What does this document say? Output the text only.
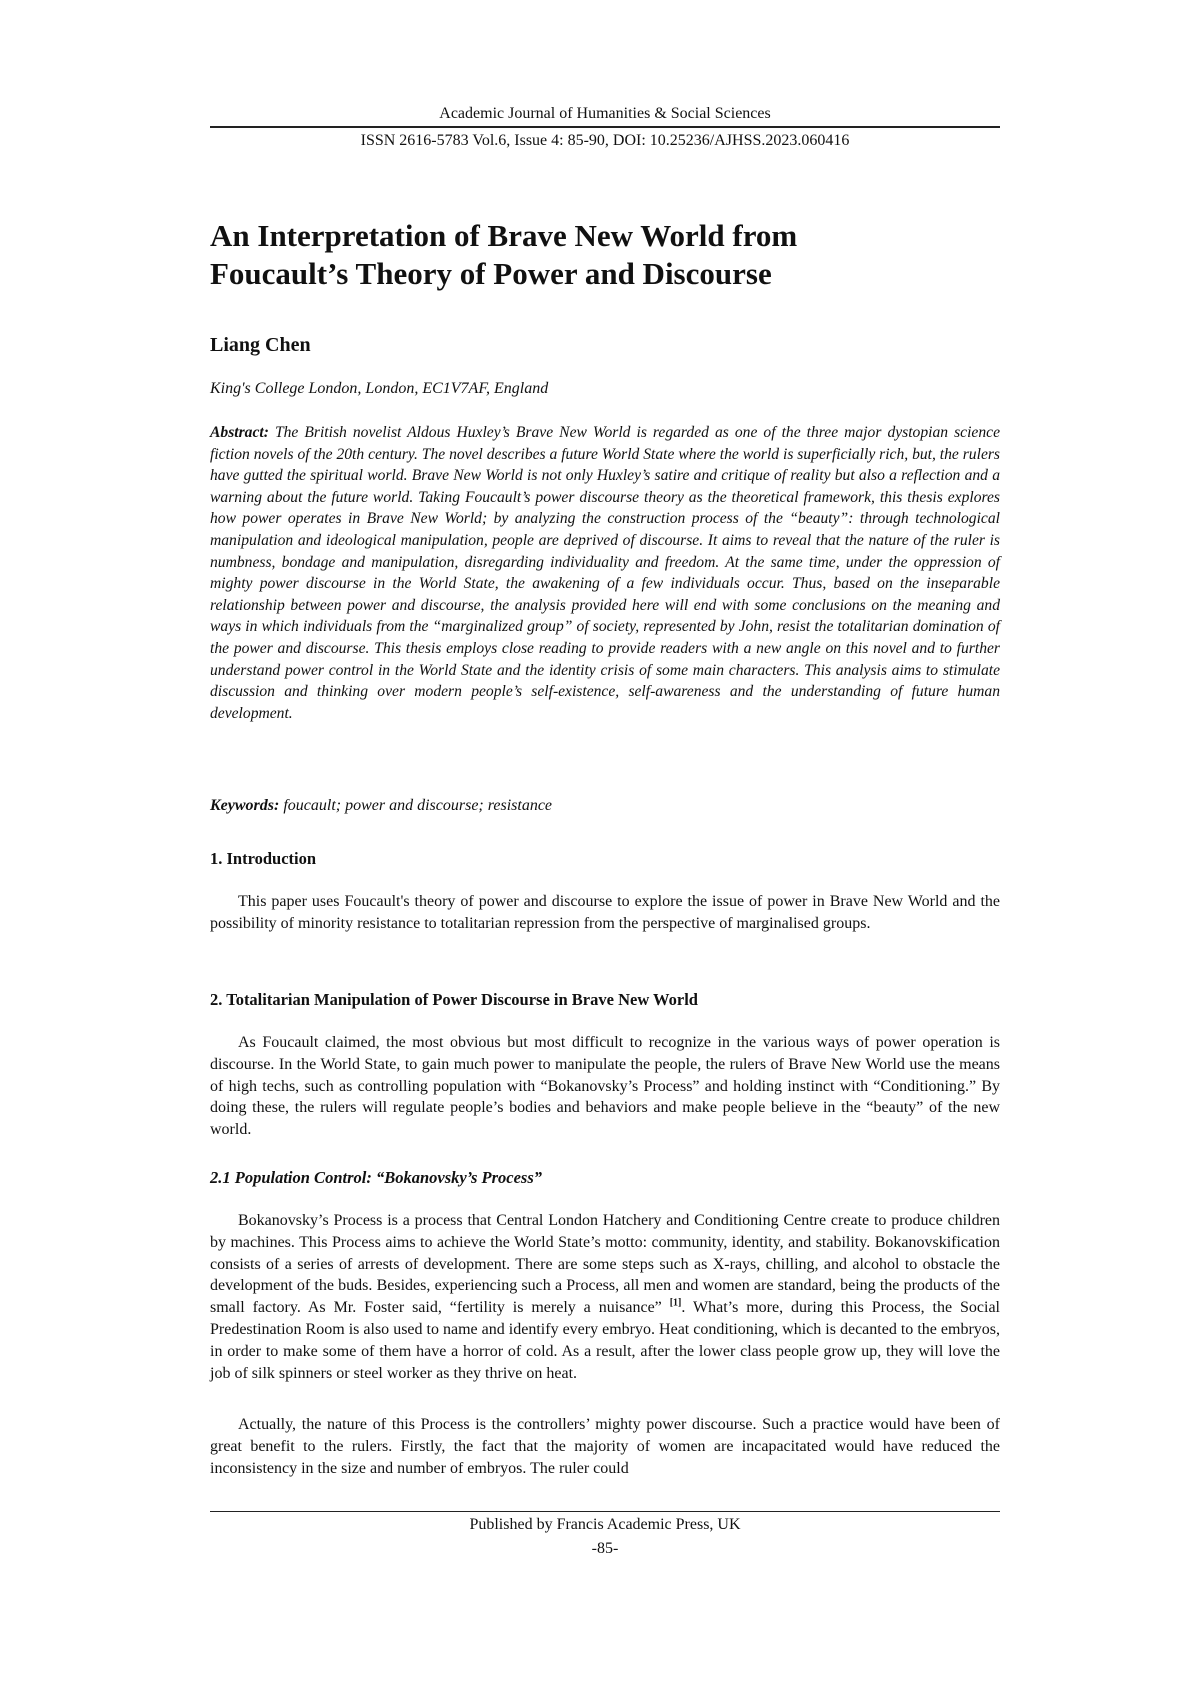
Academic Journal of Humanities & Social Sciences
ISSN 2616-5783 Vol.6, Issue 4: 85-90, DOI: 10.25236/AJHSS.2023.060416
An Interpretation of Brave New World from
Foucault’s Theory of Power and Discourse
Liang Chen
King's College London, London, EC1V7AF, England

Abstract: The British novelist Aldous Huxley’s Brave New World is regarded as one of the three major dystopian science fiction novels of the 20th century. The novel describes a future World State where the world is superficially rich, but, the rulers have gutted the spiritual world. Brave New World is not only Huxley’s satire and critique of reality but also a reflection and a warning about the future world. Taking Foucault’s power discourse theory as the theoretical framework, this thesis explores how power operates in Brave New World; by analyzing the construction process of the “beauty”: through technological manipulation and ideological manipulation, people are deprived of discourse. It aims to reveal that the nature of the ruler is numbness, bondage and manipulation, disregarding individuality and freedom. At the same time, under the oppression of mighty power discourse in the World State, the awakening of a few individuals occur. Thus, based on the inseparable relationship between power and discourse, the analysis provided here will end with some conclusions on the meaning and ways in which individuals from the “marginalized group” of society, represented by John, resist the totalitarian domination of the power and discourse. This thesis employs close reading to provide readers with a new angle on this novel and to further understand power control in the World State and the identity crisis of some main characters. This analysis aims to stimulate discussion and thinking over modern people’s self-existence, self-awareness and the understanding of future human development.

Keywords: foucault; power and discourse; resistance

1. Introduction

This paper uses Foucault's theory of power and discourse to explore the issue of power in Brave New World and the possibility of minority resistance to totalitarian repression from the perspective of marginalised groups.

2. Totalitarian Manipulation of Power Discourse in Brave New World

As Foucault claimed, the most obvious but most difficult to recognize in the various ways of power operation is discourse. In the World State, to gain much power to manipulate the people, the rulers of Brave New World use the means of high techs, such as controlling population with “Bokanovsky’s Process” and holding instinct with “Conditioning.” By doing these, the rulers will regulate people’s bodies and behaviors and make people believe in the “beauty” of the new world.

2.1 Population Control: “Bokanovsky’s Process”

Bokanovsky’s Process is a process that Central London Hatchery and Conditioning Centre create to produce children by machines. This Process aims to achieve the World State’s motto: community, identity, and stability. Bokanovskification consists of a series of arrests of development. There are some steps such as X-rays, chilling, and alcohol to obstacle the development of the buds. Besides, experiencing such a Process, all men and women are standard, being the products of the small factory. As Mr. Foster said, “fertility is merely a nuisance” [1]. What’s more, during this Process, the Social Predestination Room is also used to name and identify every embryo. Heat conditioning, which is decanted to the embryos, in order to make some of them have a horror of cold. As a result, after the lower class people grow up, they will love the job of silk spinners or steel worker as they thrive on heat.

Actually, the nature of this Process is the controllers’ mighty power discourse. Such a practice would have been of great benefit to the rulers. Firstly, the fact that the majority of women are incapacitated would have reduced the inconsistency in the size and number of embryos. The ruler could

Published by Francis Academic Press, UK
-85-
